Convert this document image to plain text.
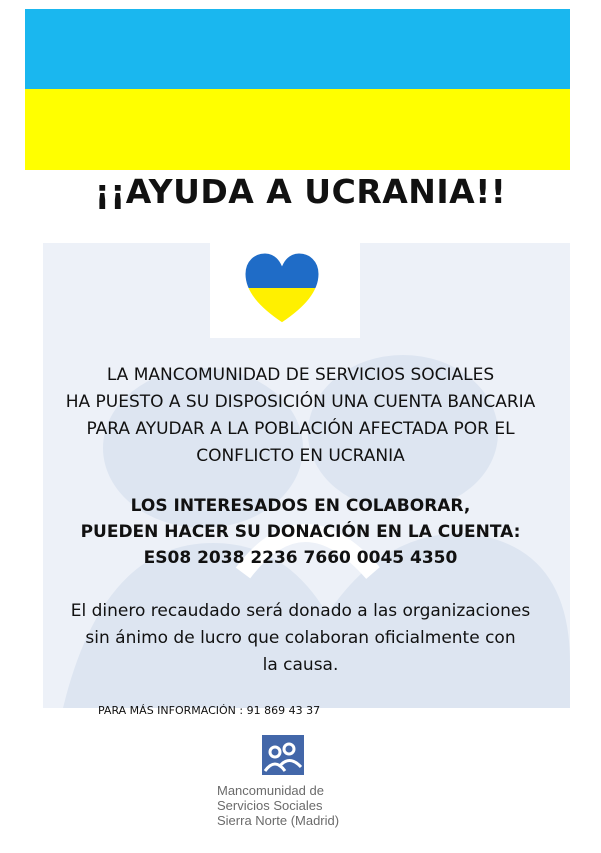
¡¡AYUDA A UCRANIA!!
LA MANCOMUNIDAD DE SERVICIOS SOCIALES
HA PUESTO A SU DISPOSICIÓN UNA CUENTA BANCARIA
PARA AYUDAR A LA POBLACIÓN AFECTADA POR EL
CONFLICTO EN UCRANIA
LOS INTERESADOS EN COLABORAR,
PUEDEN HACER SU DONACIÓN EN LA CUENTA:
ES08 2038 2236 7660 0045 4350
El dinero recaudado será donado a las organizaciones
sin ánimo de lucro que colaboran oficialmente con
la causa.
PARA MÁS INFORMACIÓN : 91 869 43 37
Mancomunidad de
Servicios Sociales
Sierra Norte (Madrid)
